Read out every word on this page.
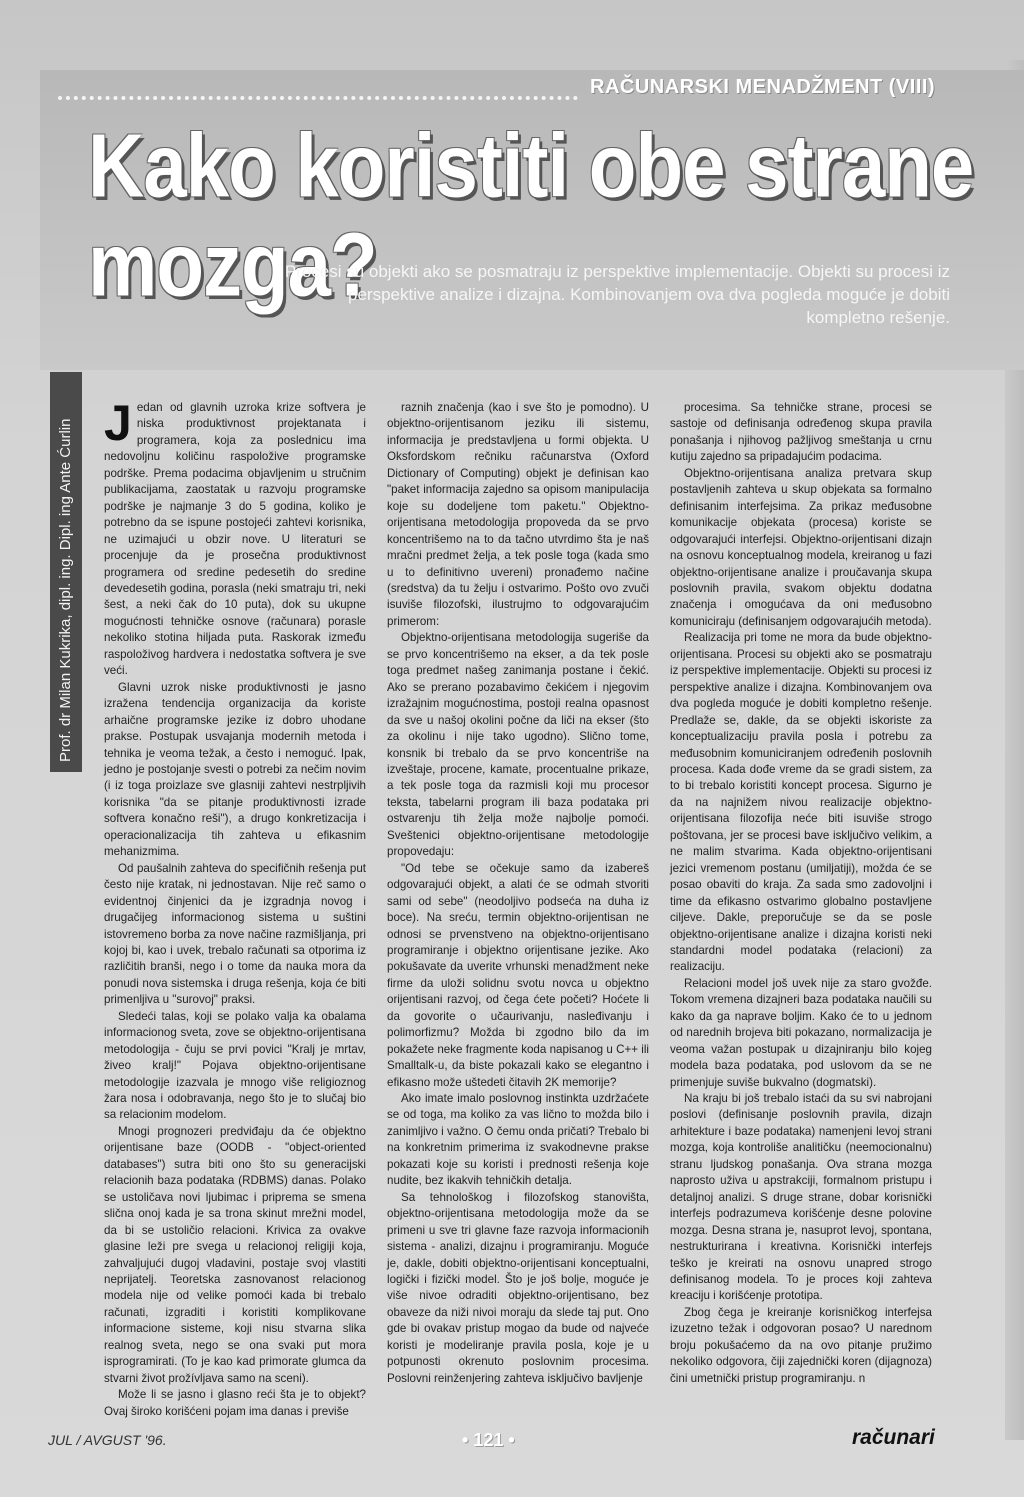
RAČUNARSKI MENADŽMENT (VIII)
Kako koristiti obe strane mozga?
Procesi su objekti ako se posmatraju iz perspektive implementacije. Objekti su procesi iz perspektive analize i dizajna. Kombinovanjem ova dva pogleda moguće je dobiti kompletno rešenje.
Prof. dr Milan Kukrika, dipl. ing. Dipl. ing Ante Ćurlin Jedan od glavnih uzroka krize softvera je niska produktivnost projektanata i programera, koja za poslednicu ima nedovoljnu količinu raspoložive programske podrške. Prema podacima objavljenim u stručnim publikacijama, zaostatak u razvoju programske podrške je najmanje 3 do 5 godina, koliko je potrebno da se ispune postojeći zahtevi korisnika, ne uzimajući u obzir nove. U literaturi se procenjuje da je prosečna produktivnost programera od sredine pedesetih do sredine devedesetih godina, porasla (neki smatraju tri, neki šest, a neki čak do 10 puta), dok su ukupne mogućnosti tehničke osnove (računara) porasle nekoliko stotina hiljada puta. Raskorak između raspoloživog hardvera i nedostatka softvera je sve veći.

Glavni uzrok niske produktivnosti je jasno izražena tendencija organizacija da koriste arhaične programske jezike iz dobro uhodane prakse. Postupak usvajanja modernih metoda i tehnika je veoma težak, a često i nemoguć. Ipak, jedno je postojanje svesti o potrebi za nečim novim (i iz toga proizlaze sve glasniji zahtevi nestrpljivih korisnika "da se pitanje produktivnosti izrade softvera konačno reši"), a drugo konkretizacija i operacionalizacija tih zahteva u efikasnim mehanizmima.

Od paušalnih zahteva do specifičnih rešenja put često nije kratak, ni jednostavan. Nije reč samo o evidentnoj činjenici da je izgradnja novog i drugačijeg informacionog sistema u suštini istovremeno borba za nove načine razmišljanja, pri kojoj bi, kao i uvek, trebalo računati sa otporima iz različitih branši, nego i o tome da nauka mora da ponudi nova sistemska i druga rešenja, koja će biti primenljiva u "surovoj" praksi.

Sledeći talas, koji se polako valja ka obalama informacionog sveta, zove se objektno-orijentisana metodologija - čuju se prvi povici "Kralj je mrtav, živeo kralj!" Pojava objektno-orijentisane metodologije izazvala je mnogo više religioznog žara nosa i odobravanja, nego što je to slučaj bio sa relacionim modelom.

Mnogi prognozeri predviđaju da će objektno orijentisane baze (OODB - "object-oriented databases") sutra biti ono što su generacijski relacionih baza podataka (RDBMS) danas. Polako se ustoličava novi ljubimac i priprema se smena slična onoj kada je sa trona skinut mrežni model, da bi se ustoličio relacioni. Krivica za ovakve glasine leži pre svega u relacionoj religiji koja, zahvaljujući dugoj vladavini, postaje svoj vlastiti neprijatelj. Teoretska zasnovanost relacionog modela nije od velike pomoći kada bi trebalo računati, izgraditi i koristiti komplikovane informacione sisteme, koji nisu stvarna slika realnog sveta, nego se ona svaki put mora isprogramirati. (To je kao kad primorate glumca da stvarni život prožívljava samo na sceni).

Može li se jasno i glasno reći šta je to objekt? Ovaj široko korišćeni pojam ima danas i previše

raznih značenja (kao i sve što je pomodno). U objektno-orijentisanom jeziku ili sistemu, informacija je predstavljena u formi objekta. U Oksfordskom rečniku računarstva (Oxford Dictionary of Computing) objekt je definisan kao "paket informacija zajedno sa opisom manipulacija koje su dodeljene tom paketu." Objektno-orijentisana metodologija propoveda da se prvo koncentrišemo na to da tačno utvrdimo šta je naš mračni predmet želja, a tek posle toga (kada smo u to definitivno uvereni) pronađemo načine (sredstva) da tu želju i ostvarimo. Pošto ovo zvuči isuviše filozofski, ilustrujmo to odgovarajućim primerom:

Objektno-orijentisana metodologija sugeriše da se prvo koncentrišemo na ekser, a da tek posle toga predmet našeg zanimanja postane i čekić. Ako se prerano pozabavimo čekićem i njegovim izražajnim mogućnostima, postoji realna opasnost da sve u našoj okolini počne da liči na ekser (što za okolinu i nije tako ugodno). Slično tome, konsnik bi trebalo da se prvo koncentriše na izveštaje, procene, kamate, procentualne prikaze, a tek posle toga da razmisli koji mu procesor teksta, tabelarni program ili baza podataka pri ostvarenju tih želja može najbolje pomoći. Sveštenici objektno-orijentisane metodologije propovedaju:

"Od tebe se očekuje samo da izabereš odgovarajući objekt, a alati će se odmah stvoriti sami od sebe" (neodoljivo podseća na duha iz boce). Na sreću, termin objektno-orijentisan ne odnosi se prvenstveno na objektno-orijentisano programiranje i objektno orijentisane jezike. Ako pokušavate da uverite vrhunski menadžment neke firme da uloži solidnu svotu novca u objektno orijentisani razvoj, od čega ćete početi? Hoćete li da govorite o učaurivanju, nasleđivanju i polimorfizmu? Možda bi zgodno bilo da im pokažete neke fragmente koda napisanog u C++ ili Smalltalk-u, da biste pokazali kako se elegantno i efikasno može uštedeti čitavih 2K memorije?

Ako imate imalo poslovnog instinkta uzdržaćete se od toga, ma koliko za vas lično to možda bilo i zanimljivo i važno. O čemu onda pričati? Trebalo bi na konkretnim primerima iz svakodnevne prakse pokazati koje su koristi i prednosti rešenja koje nudite, bez ikakvih tehničkih detalja.

Sa tehnološkog i filozofskog stanovišta, objektno-orijentisana metodologija može da se primeni u sve tri glavne faze razvoja informacionih sistema - analizi, dizajnu i programiranju. Moguće je, dakle, dobiti objektno-orijentisani konceptualni, logički i fizički model. Što je još bolje, moguće je više nivoe odraditi objektno-orijentisano, bez obaveze da niži nivoi moraju da slede taj put. Ono gde bi ovakav pristup mogao da bude od najveće koristi je modeliranje pravila posla, koje je u potpunosti okrenuto poslovnim procesima. Poslovni reinženjering zahteva isključivo bavljenje

procesima. Sa tehničke strane, procesi se sastoje od definisanja određenog skupa pravila ponašanja i njihovog pažljivog smeštanja u crnu kutiju zajedno sa pripadajućim podacima.

Objektno-orijentisana analiza pretvara skup postavljenih zahteva u skup objekata sa formalno definisanim interfejsima. Za prikaz međusobne komunikacije objekata (procesa) koriste se odgovarajući interfejsi. Objektno-orijentisani dizajn na osnovu konceptualnog modela, kreiranog u fazi objektno-orijentisane analize i proučavanja skupa poslovnih pravila, svakom objektu dodatna značenja i omogućava da oni međusobno komuniciraju (definisanjem odgovarajućih metoda).

Realizacija pri tome ne mora da bude objektno-orijentisana. Procesi su objekti ako se posmatraju iz perspektive implementacije. Objekti su procesi iz perspektive analize i dizajna. Kombinovanjem ova dva pogleda moguće je dobiti kompletno rešenje. Predlaže se, dakle, da se objekti iskoriste za konceptualizaciju pravila posla i potrebu za međusobnim komuniciranjem određenih poslovnih procesa. Kada dođe vreme da se gradi sistem, za to bi trebalo koristiti koncept procesa. Sigurno je da na najnižem nivou realizacije objektno-orijentisana filozofija neće biti isuviše strogo poštovana, jer se procesi bave isključivo velikim, a ne malim stvarima. Kada objektno-orijentisani jezici vremenom postanu (umiljatiji), možda će se posao obaviti do kraja. Za sada smo zadovoljni i time da efikasno ostvarimo globalno postavljene ciljeve. Dakle, preporučuje se da se posle objektno-orijentisane analize i dizajna koristi neki standardni model podataka (relacioni) za realizaciju.

Relacioni model još uvek nije za staro gvožđe. Tokom vremena dizajneri baza podataka naučili su kako da ga naprave boljim. Kako će to u jednom od narednih brojeva biti pokazano, normalizacija je veoma važan postupak u dizajniranju bilo kojeg modela baza podataka, pod uslovom da se ne primenjuje suviše bukvalno (dogmatski).

Na kraju bi još trebalo istaći da su svi nabrojani poslovi (definisanje poslovnih pravila, dizajn arhitekture i baze podataka) namenjeni levoj strani mozga, koja kontroliše analitičku (neemocionalnu) stranu ljudskog ponašanja. Ova strana mozga naprosto uživa u apstrakciji, formalnom pristupu i detaljnoj analizi. S druge strane, dobar korisnički interfejs podrazumeva korišćenje desne polovine mozga. Desna strana je, nasuprot levoj, spontana, nestrukturirana i kreativna. Korisnički interfejs teško je kreirati na osnovu unapred strogo definisanog modela. To je proces koji zahteva kreaciju i korišćenje prototipa.

Zbog čega je kreiranje korisničkog interfejsa izuzetno težak i odgovoran posao? U narednom broju pokušaćemo da na ovo pitanje pružimo nekoliko odgovora, čiji zajednički koren (dijagnoza) čini umetnički pristup programiranju. n

JUL / AVGUST '96.	• 121 •	računari
